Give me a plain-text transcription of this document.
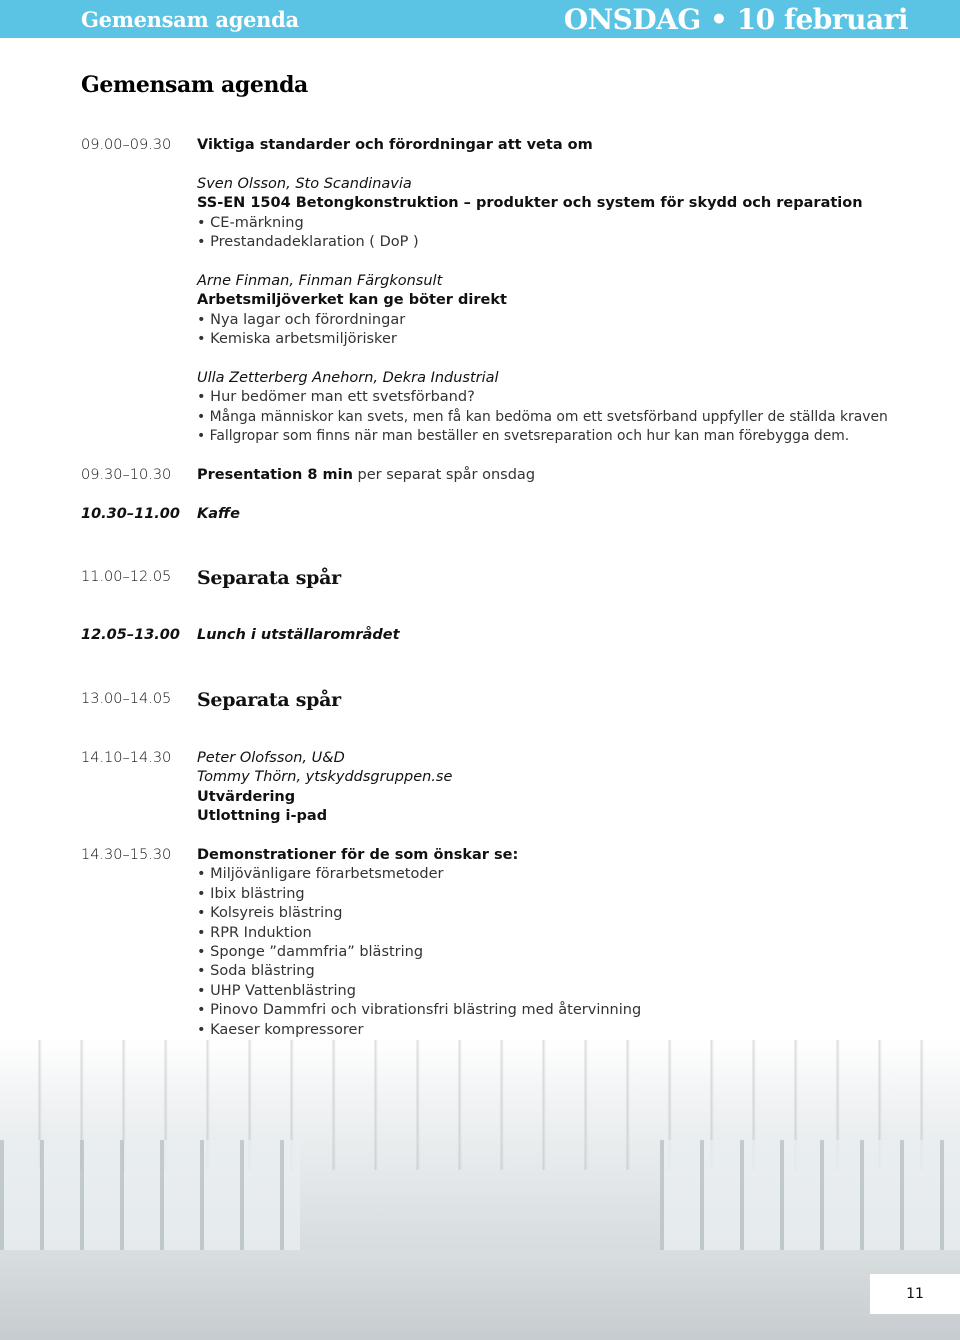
Gemensam agenda	ONSDAG • 10 februari
Gemensam agenda
09.00–09.30	Viktiga standarder och förordningar att veta om
Sven Olsson, Sto Scandinavia
SS-EN 1504 Betongkonstruktion – produkter och system för skydd och reparation
• CE-märkning
• Prestandadeklaration ( DoP )
Arne Finman, Finman Färgkonsult
Arbetsmiljöverket kan ge böter direkt
• Nya lagar och förordningar
• Kemiska arbetsmiljörisker
Ulla Zetterberg Anehorn, Dekra Industrial
• Hur bedömer man ett svetsförband?
• Många människor kan svets, men få kan bedöma om ett svetsförband uppfyller de ställda kraven
• Fallgropar som finns när man beställer en svetsreparation och hur kan man förebygga dem.
09.30–10.30	Presentation 8 min per separat spår onsdag
10.30–11.00	Kaffe
11.00–12.05	Separata spår
12.05–13.00	Lunch i utställarområdet
13.00–14.05	Separata spår
14.10–14.30	Peter Olofsson, U&D
Tommy Thörn, ytskyddsgruppen.se
Utvärdering
Utlottning i-pad
14.30–15.30	Demonstrationer för de som önskar se:
• Miljövänligare förarbetsmetoder
• Ibix blästring
• Kolsyreis blästring
• RPR Induktion
• Sponge ”dammfria” blästring
• Soda blästring
• UHP Vattenblästring
• Pinovo Dammfri och vibrationsfri blästring med återvinning
• Kaeser kompressorer
•
11
